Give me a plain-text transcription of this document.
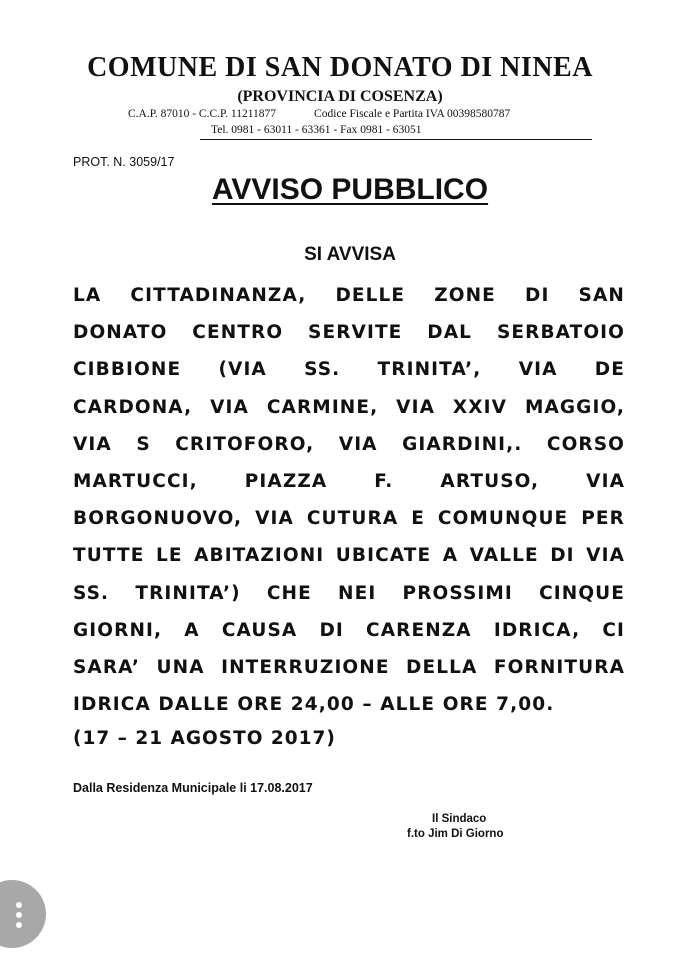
COMUNE DI SAN DONATO DI NINEA
(PROVINCIA DI COSENZA)
C.A.P. 87010 - C.C.P. 11211877	Codice Fiscale e Partita IVA 00398580787
Tel. 0981 - 63011 - 63361 - Fax 0981 - 63051
PROT. N. 3059/17
AVVISO PUBBLICO
SI AVVISA
LA CITTADINANZA, DELLE ZONE DI SAN
DONATO CENTRO SERVITE DAL SERBATOIO
CIBBIONE (VIA SS. TRINITA’, VIA DE
CARDONA, VIA CARMINE, VIA XXIV MAGGIO,
VIA S CRITOFORO, VIA GIARDINI,. CORSO
MARTUCCI, PIAZZA F. ARTUSO, VIA
BORGONUOVO, VIA CUTURA E COMUNQUE PER
TUTTE LE ABITAZIONI UBICATE A VALLE DI VIA
SS. TRINITA’) CHE NEI PROSSIMI CINQUE
GIORNI, A CAUSA DI CARENZA IDRICA, CI
SARA’ UNA INTERRUZIONE DELLA FORNITURA
IDRICA DALLE ORE 24,00 – ALLE ORE 7,00.
(17 – 21 AGOSTO 2017)
Dalla Residenza Municipale li 17.08.2017
Il Sindaco
f.to Jim Di Giorno
